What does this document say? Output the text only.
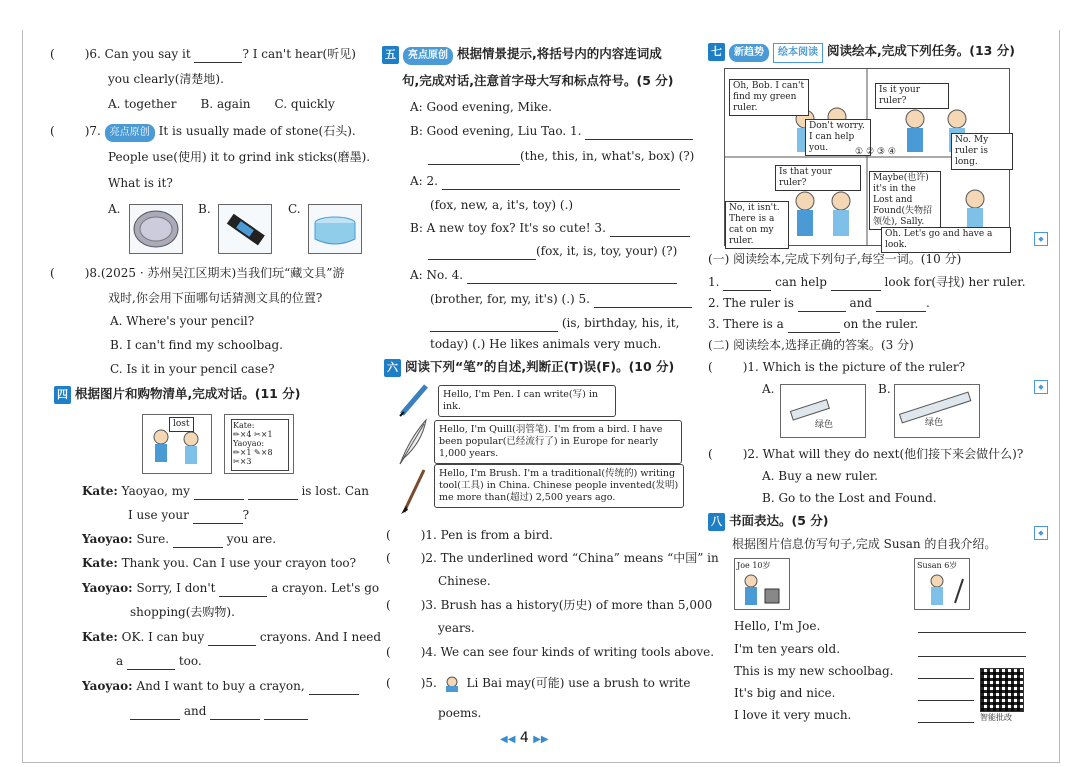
(	)6. Can you say it	? I can't hear(听见)
you clearly(清楚地).
A. together B. again C. quickly
(	)7. 亮点原创 It is usually made of stone(石头).
People use(使用) it to grind ink sticks(磨墨).
What is it?
A.	B.	C.
(	)8.(2025 · 苏州吴江区期末)当我们玩“藏文具”游
戏时,你会用下面哪句话猜测文具的位置?
A. Where's your pencil?
B. I can't find my schoolbag.
C. Is it in your pencil case?
四 根据图片和购物清单,完成对话。(11 分)
lost	Kate:
✏×4 ✂×1
Yaoyao:
✏×1 ✎×8
✂×3
Kate: Yaoyao, my	is lost. Can
I use your	?
Yaoyao: Sure.	you are.
Kate: Thank you. Can I use your crayon too?
Yaoyao: Sorry, I don't	a crayon. Let's go
shopping(去购物).
Kate: OK. I can buy	crayons. And I need
a	too.
Yaoyao: And I want to buy a crayon,
and
五 亮点原创 根据情景提示,将括号内的内容连词成
句,完成对话,注意首字母大写和标点符号。(5 分)
A: Good evening, Mike.
B: Good evening, Liu Tao. 1.
(the, this, in, what's, box) (?)
A: 2.
(fox, new, a, it's, toy) (.)
B: A new toy fox? It's so cute! 3.
(fox, it, is, toy, your) (?)
A: No. 4.
(brother, for, my, it's) (.) 5.
(is, birthday, his, it,
today) (.) He likes animals very much.
六 阅读下列“笔”的自述,判断正(T)误(F)。(10 分)
Hello, I'm Pen. I can write(写) in ink.
Hello, I'm Quill(羽管笔). I'm from a bird. I have been popular(已经流行了) in Europe for nearly 1,000 years.
Hello, I'm Brush. I'm a traditional(传统的) writing tool(工具) in China. Chinese people invented(发明) me more than(超过) 2,500 years ago.
(	)1. Pen is from a bird.
(	)2. The underlined word “China” means “中国” in
Chinese.
(	)3. Brush has a history(历史) of more than 5,000
years.
(	)4. We can see four kinds of writing tools above.
(	)5. Li Bai may(可能) use a brush to write
poems.
七 新趋势 绘本阅读 阅读绘本,完成下列任务。(13 分)
Oh, Bob. I can't find my green ruler.
Don't worry. I can help you.
Is it your ruler?
No. My ruler is long.
Is that your ruler?
No, it isn't. There is a cat on my ruler.
Maybe(也许) it's in the Lost and Found(失物招领处), Sally.
Oh. Let's go and have a look.
① ② ③ ④
(一) 阅读绘本,完成下列句子,每空一词。(10 分)
1.	can help	look for(寻找) her ruler.
2. The ruler is	and	.
3. There is a	on the ruler.
(二) 阅读绘本,选择正确的答案。(3 分)
(	)1. Which is the picture of the ruler?
A.
绿色
B.
绿色
(	)2. What will they do next(他们接下来会做什么)?
A. Buy a new ruler.
B. Go to the Lost and Found.
八 书面表达。(5 分)
根据图片信息仿写句子,完成 Susan 的自我介绍。
Joe 10岁	Susan 6岁
Hello, I'm Joe.
I'm ten years old.
This is my new schoolbag.
It's big and nice.
I love it very much.	智能批改
◆
◆
◆
◀◀ 4 ▶▶
